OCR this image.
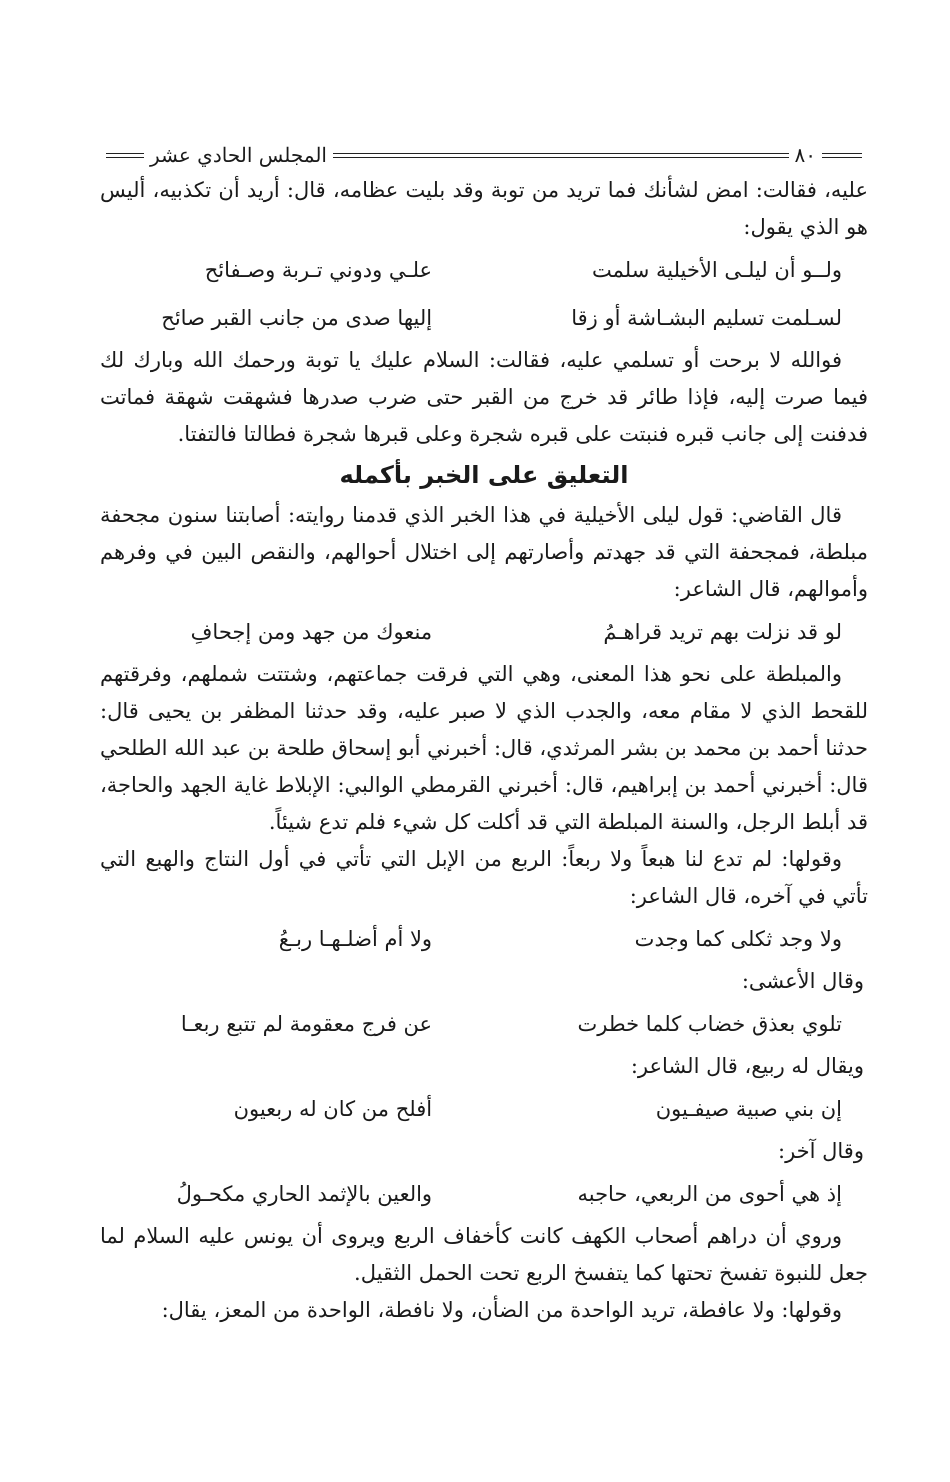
٨٠
المجلس الحادي عشر

عليه، فقالت: امض لشأنك فما تريد من توبة وقد بليت عظامه، قال: أريد أن تكذبيه، أليس هو الذي يقول:

ولــو أن ليلـى الأخيلية سلمت
علـي ودوني تـربة وصـفائح
لسـلمت تسليم البشـاشة أو زقا
إليها صدى من جانب القبر صائح

فوالله لا برحت أو تسلمي عليه، فقالت: السلام عليك يا توبة ورحمك الله وبارك لك فيما صرت إليه، فإذا طائر قد خرج من القبر حتى ضرب صدرها فشهقت شهقة فماتت فدفنت إلى جانب قبره فنبتت على قبره شجرة وعلى قبرها شجرة فطالتا فالتفتا.

التعليق على الخبر بأكمله

قال القاضي: قول ليلى الأخيلية في هذا الخبر الذي قدمنا روايته: أصابتنا سنون مجحفة مبلطة، فمجحفة التي قد جهدتم وأصارتهم إلى اختلال أحوالهم، والنقص البين في وفرهم وأموالهم، قال الشاعر:

لو قد نزلت بهم تريد قراهـمُ
منعوك من جهد ومن إجحافِ

والمبلطة على نحو هذا المعنى، وهي التي فرقت جماعتهم، وشتتت شملهم، وفرقتهم للقحط الذي لا مقام معه، والجدب الذي لا صبر عليه، وقد حدثنا المظفر بن يحيى قال: حدثنا أحمد بن محمد بن بشر المرثدي، قال: أخبرني أبو إسحاق طلحة بن عبد الله الطلحي قال: أخبرني أحمد بن إبراهيم، قال: أخبرني القرمطي الوالبي: الإبلاط غاية الجهد والحاجة، قد أبلط الرجل، والسنة المبلطة التي قد أكلت كل شيء فلم تدع شيئاً.

وقولها: لم تدع لنا هبعاً ولا ربعاً: الربع من الإبل التي تأتي في أول النتاج والهبع التي تأتي في آخره، قال الشاعر:

ولا وجد ثكلى كما وجدت
ولا أم أضلـهـا ربـعُ
وقال الأعشى:
تلوي بعذق خضاب كلما خطرت
عن فرج معقومة لم تتبع ربعـا
ويقال له ربيع، قال الشاعر:
إن بني صبية صيفـيون
أفلح من كان له ربعيون
وقال آخر:
إذ هي أحوى من الربعي، حاجبه
والعين بالإثمد الحاري مكحـولُ

وروي أن دراهم أصحاب الكهف كانت كأخفاف الربع ويروى أن يونس عليه السلام لما جعل للنبوة تفسخ تحتها كما يتفسخ الربع تحت الحمل الثقيل.

وقولها: ولا عافطة، تريد الواحدة من الضأن، ولا نافطة، الواحدة من المعز، يقال:
